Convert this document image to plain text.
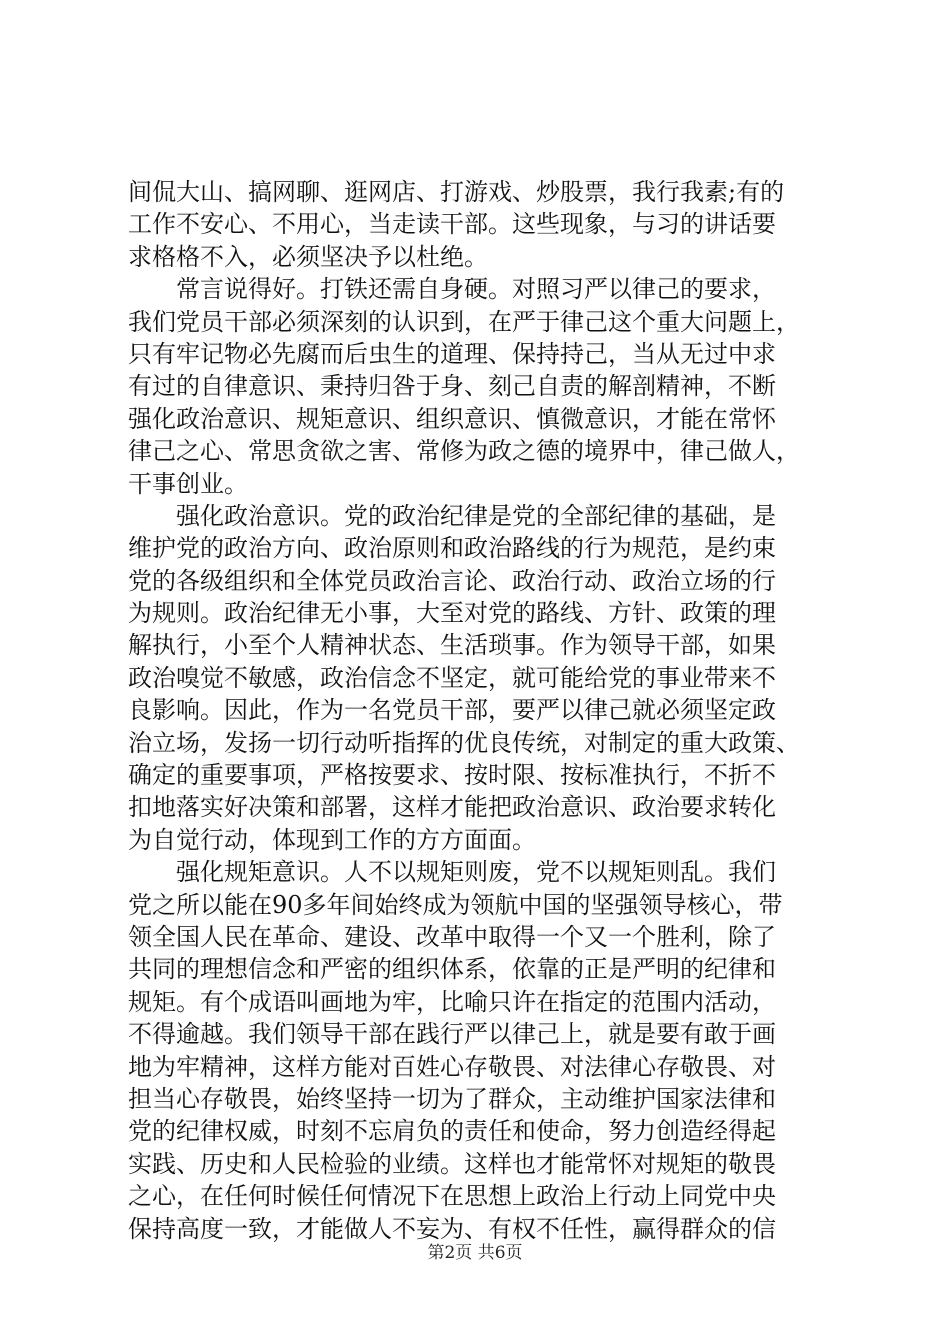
间侃大山、搞网聊、逛网店、打游戏、炒股票，我行我素;有的
工作不安心、不用心，当走读干部。这些现象，与习的讲话要
求格格不入，必须坚决予以杜绝。
　　常言说得好。打铁还需自身硬。对照习严以律己的要求，
我们党员干部必须深刻的认识到，在严于律己这个重大问题上，
只有牢记物必先腐而后虫生的道理、保持持己，当从无过中求
有过的自律意识、秉持归咎于身、刻己自责的解剖精神，不断
强化政治意识、规矩意识、组织意识、慎微意识，才能在常怀
律己之心、常思贪欲之害、常修为政之德的境界中，律己做人，
干事创业。
　　强化政治意识。党的政治纪律是党的全部纪律的基础，是
维护党的政治方向、政治原则和政治路线的行为规范，是约束
党的各级组织和全体党员政治言论、政治行动、政治立场的行
为规则。政治纪律无小事，大至对党的路线、方针、政策的理
解执行，小至个人精神状态、生活琐事。作为领导干部，如果
政治嗅觉不敏感，政治信念不坚定，就可能给党的事业带来不
良影响。因此，作为一名党员干部，要严以律己就必须坚定政
治立场，发扬一切行动听指挥的优良传统，对制定的重大政策、
确定的重要事项，严格按要求、按时限、按标准执行，不折不
扣地落实好决策和部署，这样才能把政治意识、政治要求转化
为自觉行动，体现到工作的方方面面。
　　强化规矩意识。人不以规矩则废，党不以规矩则乱。我们
党之所以能在90多年间始终成为领航中国的坚强领导核心，带
领全国人民在革命、建设、改革中取得一个又一个胜利，除了
共同的理想信念和严密的组织体系，依靠的正是严明的纪律和
规矩。有个成语叫画地为牢，比喻只许在指定的范围内活动，
不得逾越。我们领导干部在践行严以律己上，就是要有敢于画
地为牢精神，这样方能对百姓心存敬畏、对法律心存敬畏、对
担当心存敬畏，始终坚持一切为了群众，主动维护国家法律和
党的纪律权威，时刻不忘肩负的责任和使命，努力创造经得起
实践、历史和人民检验的业绩。这样也才能常怀对规矩的敬畏
之心，在任何时候任何情况下在思想上政治上行动上同党中央
保持高度一致，才能做人不妄为、有权不任性，赢得群众的信
第2页 共6页
